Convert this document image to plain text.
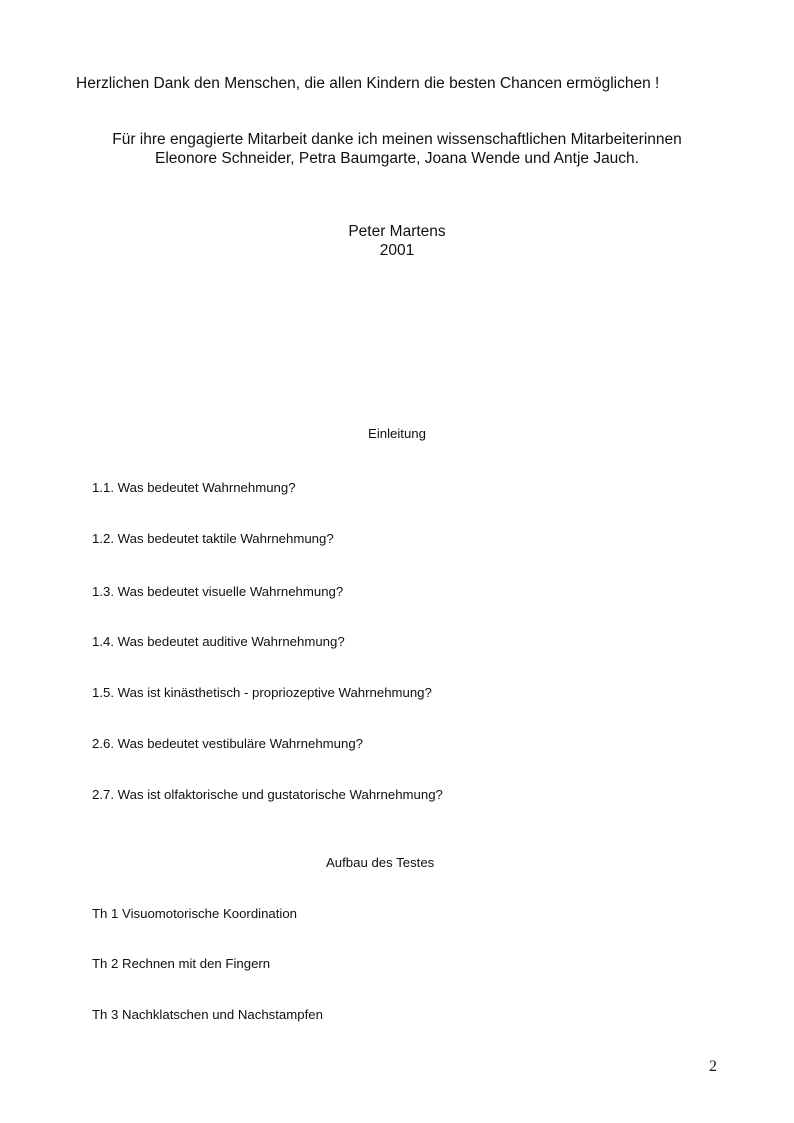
Herzlichen Dank den Menschen, die allen Kindern die besten Chancen ermöglichen !
Für ihre engagierte Mitarbeit danke ich meinen wissenschaftlichen Mitarbeiterinnen
Eleonore Schneider, Petra Baumgarte, Joana Wende und Antje Jauch.
Peter Martens
2001
Einleitung
1.1. Was bedeutet Wahrnehmung?
1.2. Was bedeutet taktile Wahrnehmung?
1.3. Was bedeutet visuelle Wahrnehmung?
1.4. Was bedeutet auditive Wahrnehmung?
1.5. Was ist kinästhetisch - propriozeptive Wahrnehmung?
2.6. Was bedeutet vestibuläre Wahrnehmung?
2.7. Was ist olfaktorische und gustatorische Wahrnehmung?
Aufbau des Testes
Th 1 Visuomotorische Koordination
Th 2 Rechnen mit den Fingern
Th 3 Nachklatschen und Nachstampfen
2
